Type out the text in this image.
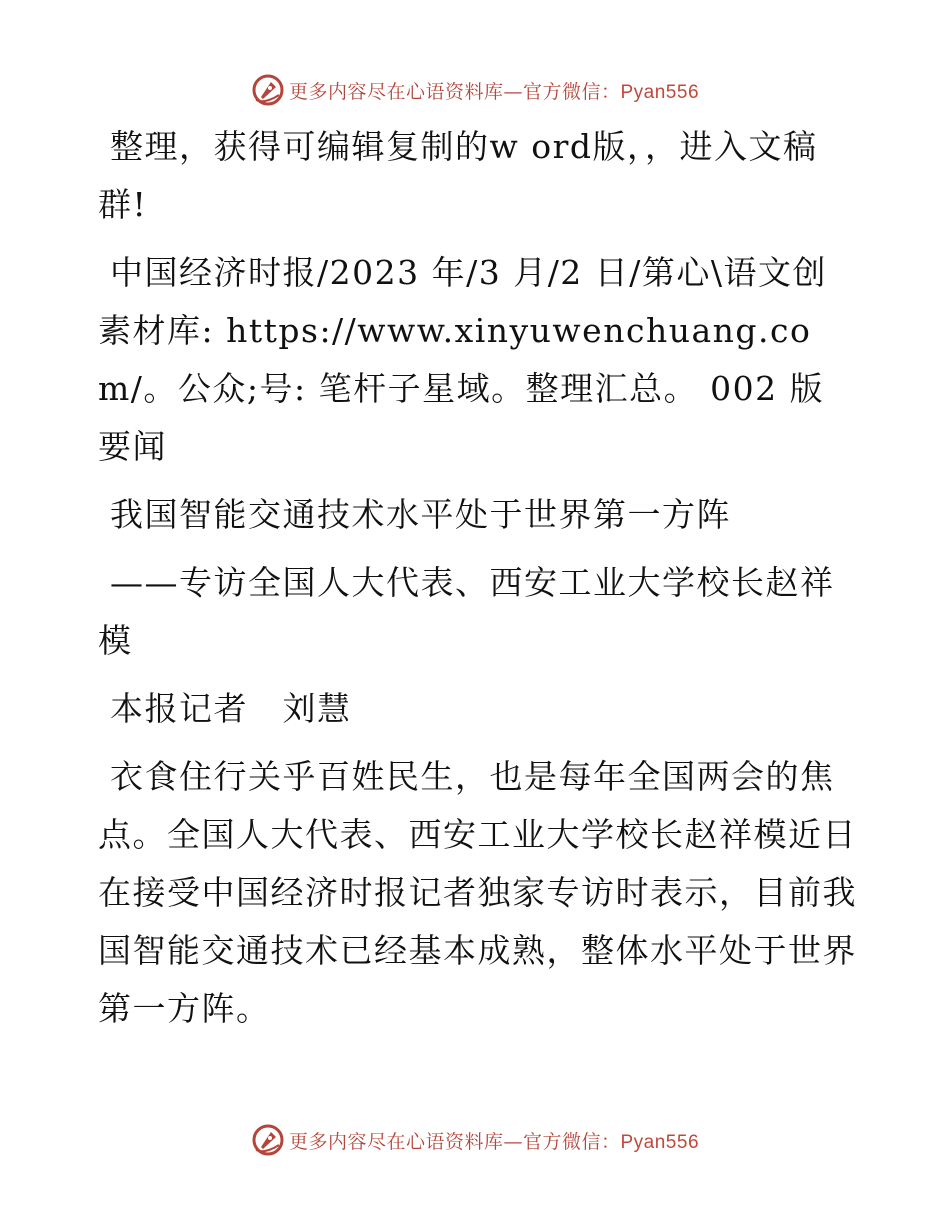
更多内容尽在心语资料库—官方微信：Pyan556

整理，获得可编辑复制的w ord版，，进入文稿群!

中国经济时报/2023 年/3 月/2 日/第心\语文创素材库: https://www.xinyuwenchuang.com/。公众;号: 笔杆子星域。整理汇总。 002 版要闻

我国智能交通技术水平处于世界第一方阵

——专访全国人大代表、西安工业大学校长赵祥模

本报记者　刘慧

衣食住行关乎百姓民生，也是每年全国两会的焦点。全国人大代表、西安工业大学校长赵祥模近日在接受中国经济时报记者独家专访时表示，目前我国智能交通技术已经基本成熟，整体水平处于世界第一方阵。

更多内容尽在心语资料库—官方微信：Pyan556
